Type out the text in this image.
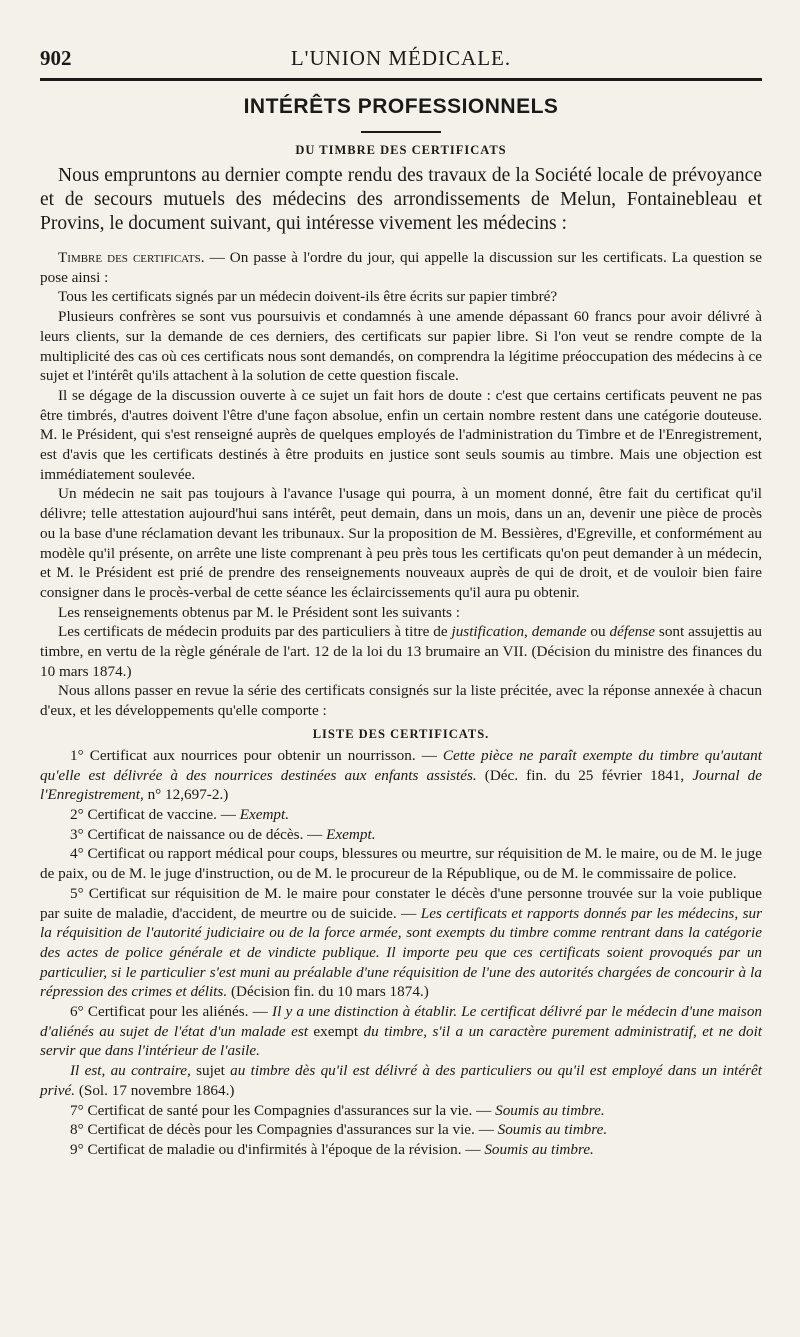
L'UNION MÉDICALE.
902
INTÉRÊTS PROFESSIONNELS
DU TIMBRE DES CERTIFICATS

Nous empruntons au dernier compte rendu des travaux de la Société locale de prévoyance et de secours mutuels des médecins des arrondissements de Melun, Fontainebleau et Provins, le document suivant, qui intéresse vivement les médecins :

Timbre des certificats. — On passe à l'ordre du jour, qui appelle la discussion sur les certificats. La question se pose ainsi :

Tous les certificats signés par un médecin doivent-ils être écrits sur papier timbré?

Plusieurs confrères se sont vus poursuivis et condamnés à une amende dépassant 60 francs pour avoir délivré à leurs clients, sur la demande de ces derniers, des certificats sur papier libre. Si l'on veut se rendre compte de la multiplicité des cas où ces certificats nous sont demandés, on comprendra la légitime préoccupation des médecins à ce sujet et l'intérêt qu'ils attachent à la solution de cette question fiscale.

Il se dégage de la discussion ouverte à ce sujet un fait hors de doute : c'est que certains certificats peuvent ne pas être timbrés, d'autres doivent l'être d'une façon absolue, enfin un certain nombre restent dans une catégorie douteuse. M. le Président, qui s'est renseigné auprès de quelques employés de l'administration du Timbre et de l'Enregistrement, est d'avis que les certificats destinés à être produits en justice sont seuls soumis au timbre. Mais une objection est immédiatement soulevée.

Un médecin ne sait pas toujours à l'avance l'usage qui pourra, à un moment donné, être fait du certificat qu'il délivre; telle attestation aujourd'hui sans intérêt, peut demain, dans un mois, dans un an, devenir une pièce de procès ou la base d'une réclamation devant les tribunaux. Sur la proposition de M. Bessières, d'Egreville, et conformément au modèle qu'il présente, on arrête une liste comprenant à peu près tous les certificats qu'on peut demander à un médecin, et M. le Président est prié de prendre des renseignements nouveaux auprès de qui de droit, et de vouloir bien faire consigner dans le procès-verbal de cette séance les éclaircissements qu'il aura pu obtenir.

Les renseignements obtenus par M. le Président sont les suivants :

Les certificats de médecin produits par des particuliers à titre de justification, demande ou défense sont assujettis au timbre, en vertu de la règle générale de l'art. 12 de la loi du 13 brumaire an VII. (Décision du ministre des finances du 10 mars 1874.)

Nous allons passer en revue la série des certificats consignés sur la liste précitée, avec la réponse annexée à chacun d'eux, et les développements qu'elle comporte :

LISTE DES CERTIFICATS.

1° Certificat aux nourrices pour obtenir un nourrisson. — Cette pièce ne paraît exempte du timbre qu'autant qu'elle est délivrée à des nourrices destinées aux enfants assistés. (Déc. fin. du 25 février 1841, Journal de l'Enregistrement, n° 12,697-2.)

2° Certificat de vaccine. — Exempt.

3° Certificat de naissance ou de décès. — Exempt.

4° Certificat ou rapport médical pour coups, blessures ou meurtre, sur réquisition de M. le maire, ou de M. le juge de paix, ou de M. le juge d'instruction, ou de M. le procureur de la République, ou de M. le commissaire de police.

5° Certificat sur réquisition de M. le maire pour constater le décès d'une personne trouvée sur la voie publique par suite de maladie, d'accident, de meurtre ou de suicide. — Les certificats et rapports donnés par les médecins, sur la réquisition de l'autorité judiciaire ou de la force armée, sont exempts du timbre comme rentrant dans la catégorie des actes de police générale et de vindicte publique. Il importe peu que ces certificats soient provoqués par un particulier, si le particulier s'est muni au préalable d'une réquisition de l'une des autorités chargées de concourir à la répression des crimes et délits. (Décision fin. du 10 mars 1874.)

6° Certificat pour les aliénés. — Il y a une distinction à établir. Le certificat délivré par le médecin d'une maison d'aliénés au sujet de l'état d'un malade est exempt du timbre, s'il a un caractère purement administratif, et ne doit servir que dans l'intérieur de l'asile.

Il est, au contraire, sujet au timbre dès qu'il est délivré à des particuliers ou qu'il est employé dans un intérêt privé. (Sol. 17 novembre 1864.)

7° Certificat de santé pour les Compagnies d'assurances sur la vie. — Soumis au timbre.

8° Certificat de décès pour les Compagnies d'assurances sur la vie. — Soumis au timbre.

9° Certificat de maladie ou d'infirmités à l'époque de la révision. — Soumis au timbre.
